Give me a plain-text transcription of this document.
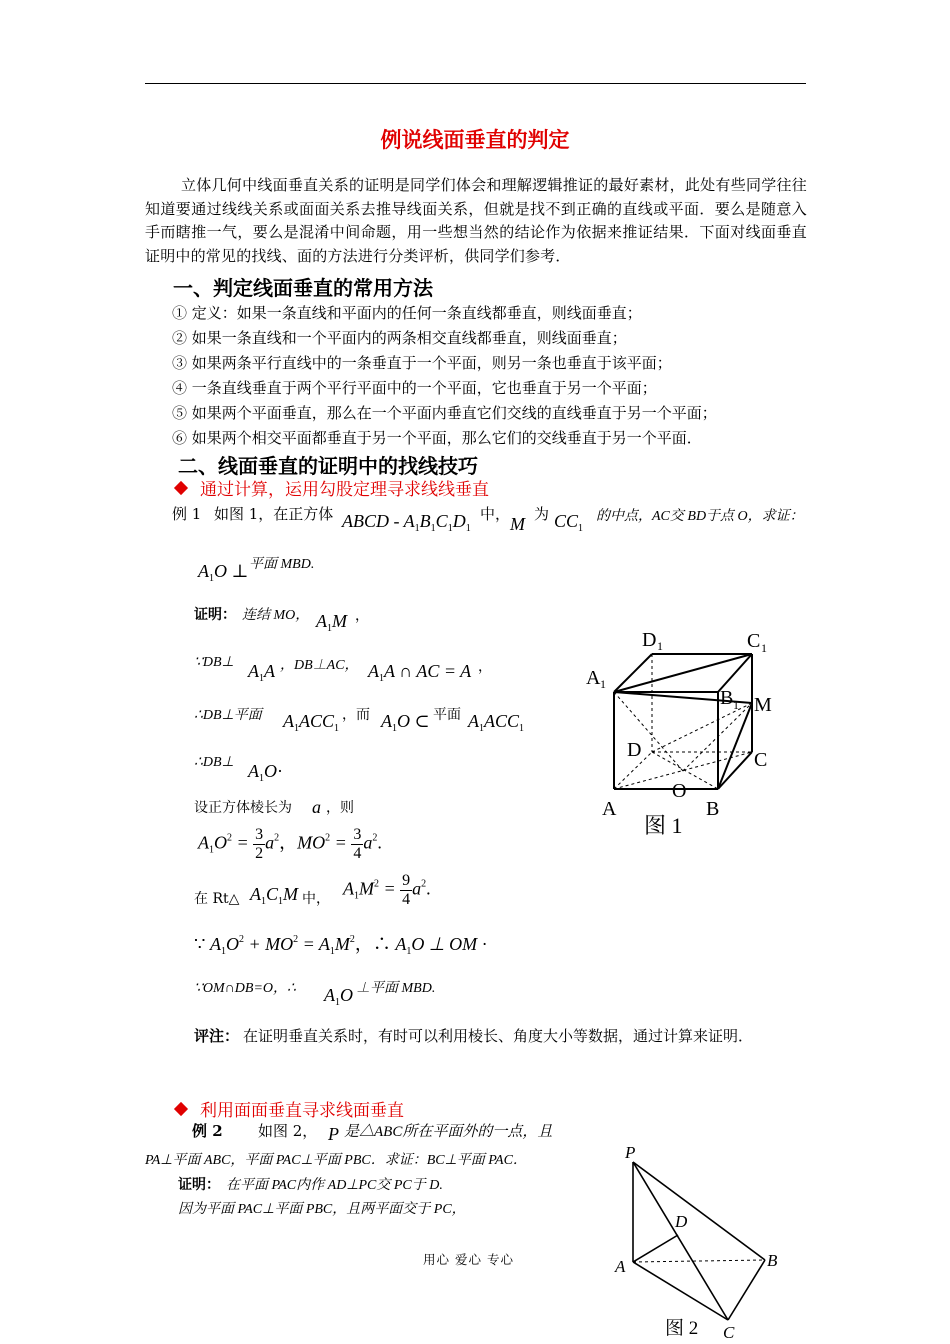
例说线面垂直的判定
立体几何中线面垂直关系的证明是同学们体会和理解逻辑推证的最好素材，此处有些同学往往知道要通过线线关系或面面关系去推导线面关系，但就是找不到正确的直线或平面．要么是随意入手而瞎推一气，要么是混淆中间命题，用一些想当然的结论作为依据来推证结果．下面对线面垂直证明中的常见的找线、面的方法进行分类评析，供同学们参考．
一、判定线面垂直的常用方法
① 定义：如果一条直线和平面内的任何一条直线都垂直，则线面垂直；
② 如果一条直线和一个平面内的两条相交直线都垂直，则线面垂直；
③ 如果两条平行直线中的一条垂直于一个平面，则另一条也垂直于该平面；
④ 一条直线垂直于两个平行平面中的一个平面，它也垂直于另一个平面；
⑤ 如果两个平面垂直，那么在一个平面内垂直它们交线的直线垂直于另一个平面；
⑥ 如果两个相交平面都垂直于另一个平面，那么它们的交线垂直于另一个平面．
二、线面垂直的证明中的找线技巧
通过计算，运用勾股定理寻求线线垂直
例 1 如图 1，在正方体 ABCD - $A_1B_1C_1D_1$
中， M 为 $CC_1$
的中点，AC交 BD于点 O，求证：
$A_1O$ ⊥ 平面 MBD.
证明： 连结 MO， $A_1M$ ，
∵DB⊥ $A_1A$ ，DB⊥AC， $A_1A$ ∩ AC = A ，
∴DB⊥平面 $A_1ACC_1$
，而 $A_1O$ ⊂ 平面 $A_1ACC_1$
∴DB⊥ $A_1O\cdot$
设正方体棱长为 a ，则
$A_1O^2 = \frac{3}{2} a^2$，$MO^2 = \frac{3}{4} a^2$.
在 Rt△ $A_1C_1M$ 中，
$A_1M^2 = \frac{9}{4} a^2$.
∵ $A_1O^2 + MO^2 = A_1M^2$，∴ $A_1O$ ⊥ OM ·
∵OM∩DB=O，∴ $A_1O$ ⊥平面 MBD.
评注： 在证明垂直关系时，有时可以利用棱长、角度大小等数据，通过计算来证明．
A 1
D 1	C 1
B 1 M
D	C
A
O
B
图 1
利用面面垂直寻求线面垂直
例 2 如图 2， P 是△ABC所在平面外的一点，且
PA⊥平面 ABC，平面 PAC⊥平面 PBC．求证：BC⊥平面 PAC．
证明： 在平面 PAC内作 AD⊥PC交 PC于 D.
因为平面 PAC⊥平面 PBC，且两平面交于 PC，
P
D
A	B
C
图 2
用心 爱心 专心
